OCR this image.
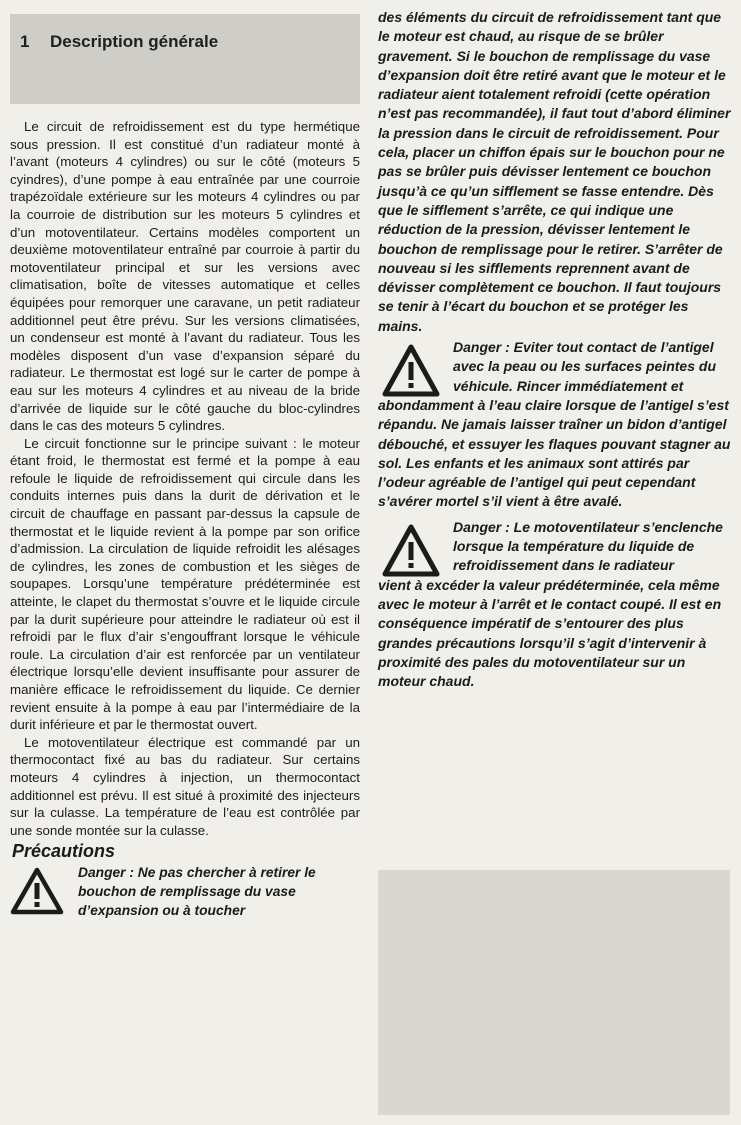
1 Description générale

Le circuit de refroidissement est du type hermétique sous pression. Il est constitué d’un radiateur monté à l’avant (moteurs 4 cylindres) ou sur le côté (moteurs 5 cyindres), d’une pompe à eau entraînée par une courroie trapézoïdale extérieure sur les moteurs 4 cylindres ou par la courroie de distribution sur les moteurs 5 cylindres et d’un motoventilateur. Certains modèles comportent un deuxième motoventilateur entraîné par courroie à partir du motoventilateur principal et sur les versions avec climatisation, boîte de vitesses automatique et celles équipées pour remorquer une caravane, un petit radiateur additionnel peut être prévu. Sur les versions climatisées, un condenseur est monté à l’avant du radiateur. Tous les modèles disposent d’un vase d’expansion séparé du radiateur. Le thermostat est logé sur le carter de pompe à eau sur les moteurs 4 cylindres et au niveau de la bride d’arrivée de liquide sur le côté gauche du bloc-cylindres dans le cas des moteurs 5 cylindres.

Le circuit fonctionne sur le principe suivant : le moteur étant froid, le thermostat est fermé et la pompe à eau refoule le liquide de refroidissement qui circule dans les conduits internes puis dans la durit de dérivation et le circuit de chauffage en passant par-dessus la capsule de thermostat et le liquide revient à la pompe par son orifice d’admission. La circulation de liquide refroidit les alésages de cylindres, les zones de combustion et les sièges de soupapes. Lorsqu’une température prédéterminée est atteinte, le clapet du thermostat s’ouvre et le liquide circule par la durit supérieure pour atteindre le radiateur où est il refroidi par le flux d’air s’engouffrant lorsque le véhicule roule. La circulation d’air est renforcée par un ventilateur électrique lorsqu’elle devient insuffisante pour assurer de manière efficace le refroidissement du liquide. Ce dernier revient ensuite à la pompe à eau par l’intermédiaire de la durit inférieure et par le thermostat ouvert.

Le motoventilateur électrique est commandé par un thermocontact fixé au bas du radiateur. Sur certains moteurs 4 cylindres à injection, un thermocontact additionnel est prévu. Il est situé à proximité des injecteurs sur la culasse. La température de l’eau est contrôlée par une sonde montée sur la culasse.

Précautions
Danger : Ne pas chercher à retirer le bouchon de remplissage du vase d’expansion ou à toucher
des éléments du circuit de refroidissement tant que le moteur est chaud, au risque de se brûler gravement. Si le bouchon de remplissage du vase d’expansion doit être retiré avant que le moteur et le radiateur aient totalement refroidi (cette opération n’est pas recommandée), il faut tout d’abord éliminer la pression dans le circuit de refroidissement. Pour cela, placer un chiffon épais sur le bouchon pour ne pas se brûler puis dévisser lentement ce bouchon jusqu’à ce qu’un sifflement se fasse entendre. Dès que le sifflement s’arrête, ce qui indique une réduction de la pression, dévisser lentement le bouchon de remplissage pour le retirer. S’arrêter de nouveau si les sifflements reprennent avant de dévisser complètement ce bouchon. Il faut toujours se tenir à l’écart du bouchon et se protéger les mains.
Danger : Eviter tout contact de l’antigel avec la peau ou les surfaces peintes du véhicule. Rincer immédiatement et
abondamment à l’eau claire lorsque de l’antigel s’est répandu. Ne jamais laisser traîner un bidon d’antigel débouché, et essuyer les flaques pouvant stagner au sol. Les enfants et les animaux sont attirés par l’odeur agréable de l’antigel qui peut cependant s’avérer mortel s’il vient à être avalé.
Danger : Le motoventilateur s’enclenche lorsque la température du liquide de refroidissement dans le radiateur
vient à excéder la valeur prédéterminée, cela même avec le moteur à l’arrêt et le contact coupé. Il est en conséquence impératif de s’entourer des plus grandes précautions lorsqu’il s’agit d’intervenir à proximité des pales du motoventilateur sur un moteur chaud.
